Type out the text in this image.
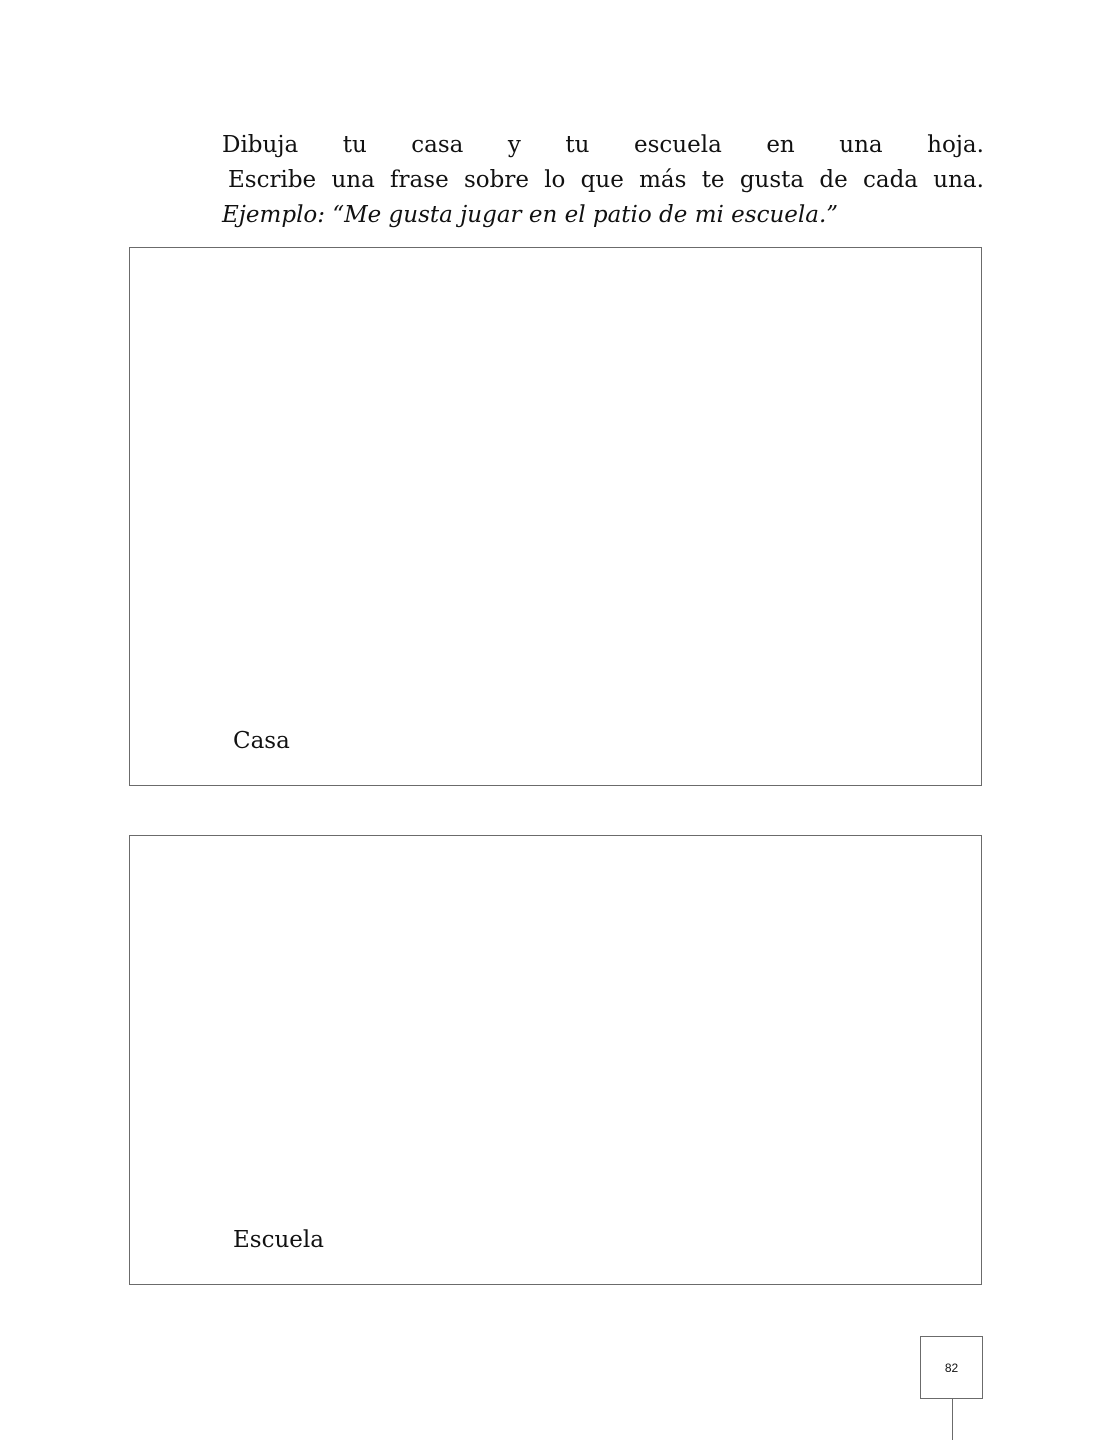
Dibuja tu casa y tu escuela en una hoja.
Escribe una frase sobre lo que más te gusta de cada una.
Ejemplo: “Me gusta jugar en el patio de mi escuela.”
Casa
Escuela
82
